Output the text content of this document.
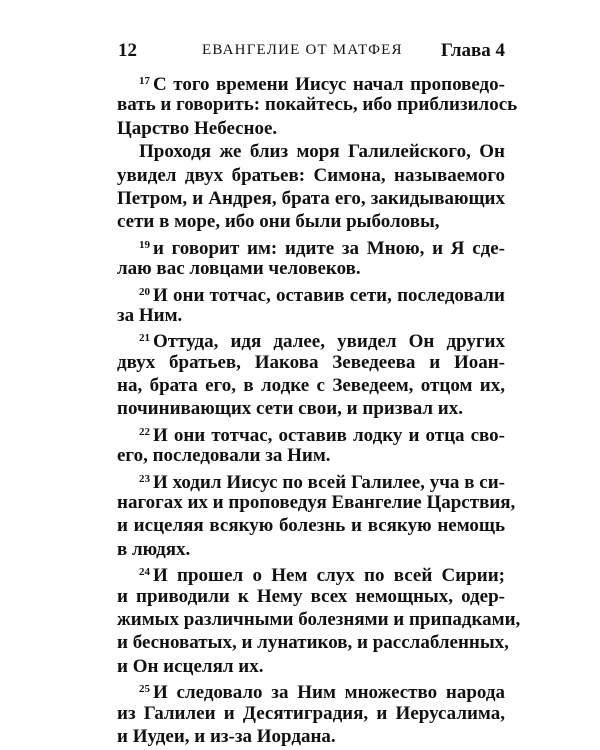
12	ЕВАНГЕЛИЕ ОТ МАТФЕЯ Глава 4
$^{17}$ С того времени Иисус начал проповедо-
вать и говорить: покайтесь, ибо приблизилось
Царство Небесное.
Проходя же близ моря Галилейского, Он
увидел двух братьев: Симона, называемого
Петром, и Андрея, брата его, закидывающих
сети в море, ибо они были рыболовы,
$^{19}$ и говорит им: идите за Мною, и Я сде-
лаю вас ловцами человеков.
$^{20}$ И они тотчас, оставив сети, последовали
за Ним.
$^{21}$ Оттуда, идя далее, увидел Он других
двух братьев, Иакова Зеведеева и Иоан-
на, брата его, в лодке с Зеведеем, отцом их,
починивающих сети свои, и призвал их.
$^{22}$ И они тотчас, оставив лодку и отца сво-
его, последовали за Ним.
$^{23}$ И ходил Иисус по всей Галилее, уча в си-
нагогах их и проповедуя Евангелие Царствия,
и исцеляя всякую болезнь и всякую немощь
в людях.
$^{24}$ И прошел о Нем слух по всей Сирии;
и приводили к Нему всех немощных, одер-
жимых различными болезнями и припадками,
и бесноватых, и лунатиков, и расслабленных,
и Он исцелял их.
$^{25}$ И следовало за Ним множество народа
из Галилеи и Десятиградия, и Иерусалима,
и Иудеи, и из-за Иордана.
